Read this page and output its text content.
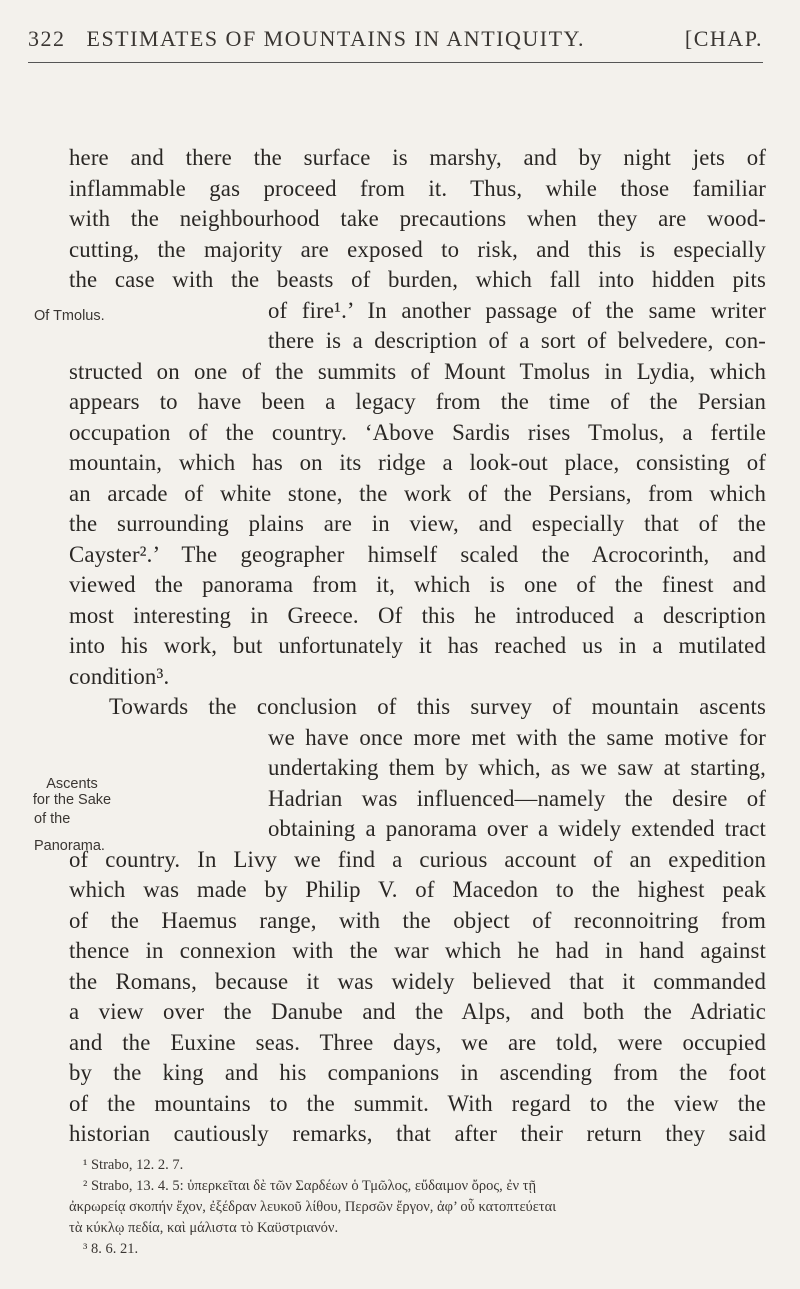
322 ESTIMATES OF MOUNTAINS IN ANTIQUITY.	[CHAP.
here and there the surface is marshy, and by night jets of
inflammable gas proceed from it. Thus, while those familiar
with the neighbourhood take precautions when they are wood-
cutting, the majority are exposed to risk, and this is especially
the case with the beasts of burden, which fall into hidden pits
Of Tmolus.	of fire¹.’ In another passage of the same writer
there is a description of a sort of belvedere, con-
structed on one of the summits of Mount Tmolus in Lydia, which
appears to have been a legacy from the time of the Persian
occupation of the country. ‘Above Sardis rises Tmolus, a fertile
mountain, which has on its ridge a look-out place, consisting of
an arcade of white stone, the work of the Persians, from which
the surrounding plains are in view, and especially that of the
Cayster².’ The geographer himself scaled the Acrocorinth, and
viewed the panorama from it, which is one of the finest and
most interesting in Greece. Of this he introduced a description
into his work, but unfortunately it has reached us in a mutilated
condition³.
Towards the conclusion of this survey of mountain ascents
Ascents
for the Sake
of the
Panorama.
we have once more met with the same motive for
undertaking them by which, as we saw at starting,
Hadrian was influenced—namely the desire of
obtaining a panorama over a widely extended tract
of country. In Livy we find a curious account of an expedition
which was made by Philip V. of Macedon to the highest peak
of the Haemus range, with the object of reconnoitring from
thence in connexion with the war which he had in hand against
the Romans, because it was widely believed that it commanded
a view over the Danube and the Alps, and both the Adriatic
and the Euxine seas. Three days, we are told, were occupied
by the king and his companions in ascending from the foot
of the mountains to the summit. With regard to the view the
historian cautiously remarks, that after their return they said
¹ Strabo, 12. 2. 7.
² Strabo, 13. 4. 5: ὑπερκεῖται δὲ τῶν Σαρδέων ὁ Τμῶλος, εὔδαιμον ὄρος, ἐν τῇ
ἀκρωρείᾳ σκοπήν ἔχον, ἐξέδραν λευκοῦ λίθου, Περσῶν ἔργον, ἀφ’ οὗ κατοπτεύεται
τὰ κύκλῳ πεδία, καὶ μάλιστα τὸ Καϋστριανόν.
³ 8. 6. 21.
